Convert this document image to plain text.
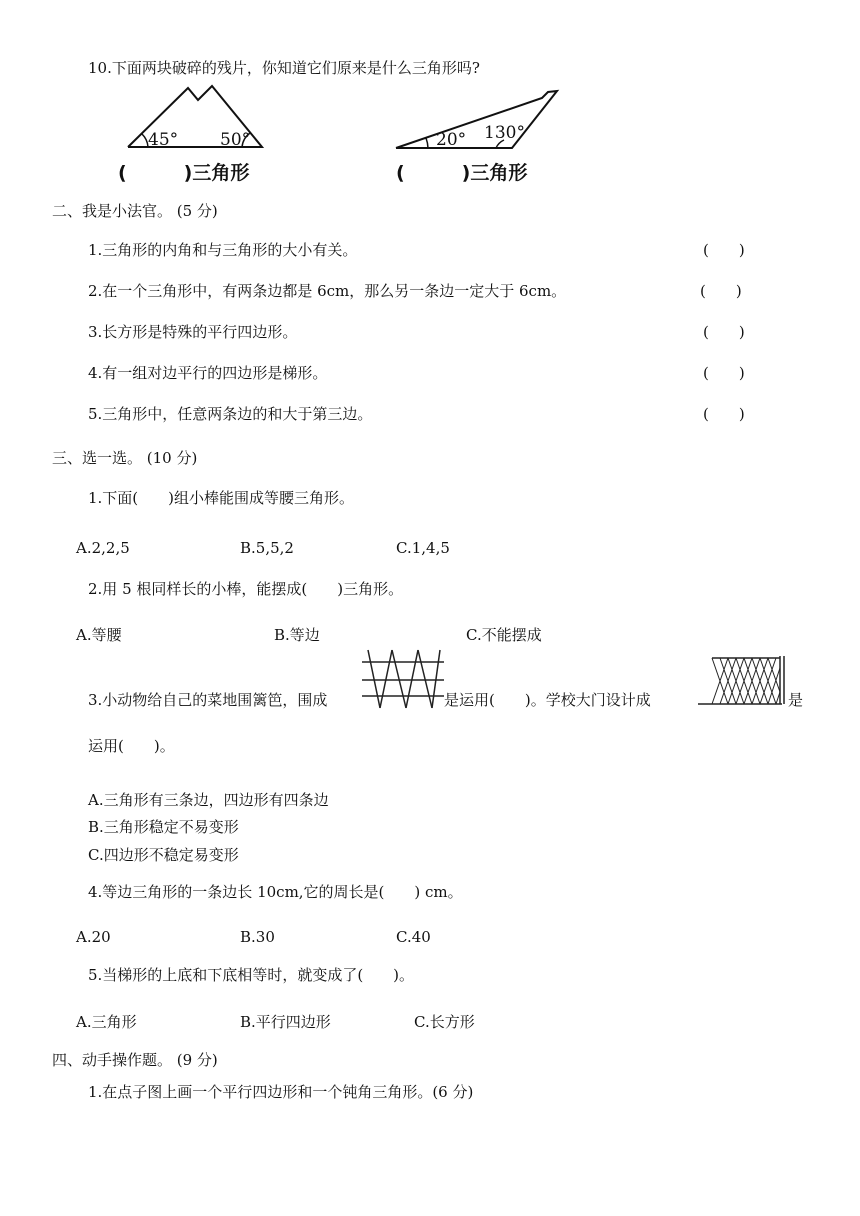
10.下面两块破碎的残片，你知道它们原来是什么三角形吗?
45° 50°
(　　　)三角形
20° 130°
(　　　)三角形
二、我是小法官。 (5 分)
1.三角形的内角和与三角形的大小有关。	(　　)
2.在一个三角形中，有两条边都是 6cm，那么另一条边一定大于 6cm。	(　　)
3.长方形是特殊的平行四边形。	(　　)
4.有一组对边平行的四边形是梯形。	(　　)
5.三角形中，任意两条边的和大于第三边。	(　　)
三、选一选。 (10 分)
1.下面(　　)组小棒能围成等腰三角形。
A.2,2,5	B.5,5,2	C.1,4,5
2.用 5 根同样长的小棒，能摆成(　　)三角形。
A.等腰	B.等边	C.不能摆成
3.小动物给自己的菜地围篱笆，围成	是运用(　　)。学校大门设计成	是
运用(　　)。
A.三角形有三条边，四边形有四条边
B.三角形稳定不易变形
C.四边形不稳定易变形
4.等边三角形的一条边长 10cm,它的周长是(　　) cm。
A.20	B.30	C.40
5.当梯形的上底和下底相等时，就变成了(　　)。
A.三角形	B.平行四边形	C.长方形
四、动手操作题。 (9 分)
1.在点子图上画一个平行四边形和一个钝角三角形。(6 分)
